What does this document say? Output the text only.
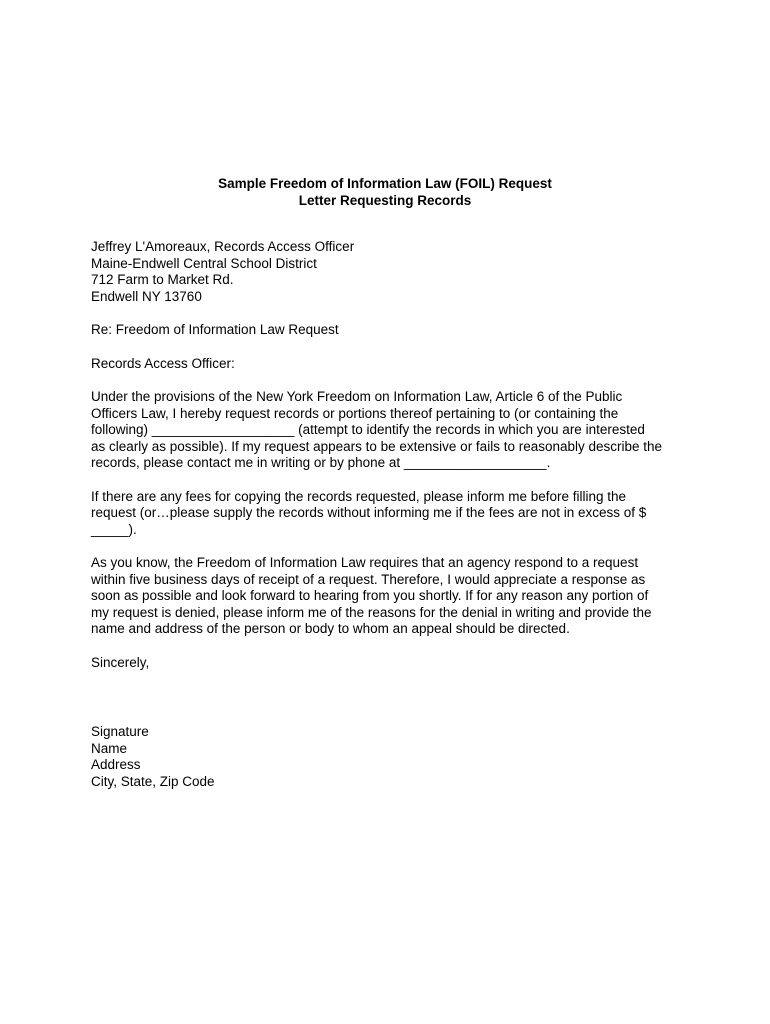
Sample Freedom of Information Law (FOIL) Request
Letter Requesting Records
Jeffrey L'Amoreaux, Records Access Officer
Maine-Endwell Central School District
712 Farm to Market Rd.
Endwell NY 13760
Re: Freedom of Information Law Request
Records Access Officer:
Under the provisions of the New York Freedom on Information Law, Article 6 of the Public
Officers Law, I hereby request records or portions thereof pertaining to (or containing the
following) ___________________ (attempt to identify the records in which you are interested
as clearly as possible). If my request appears to be extensive or fails to reasonably describe the
records, please contact me in writing or by phone at ___________________.
If there are any fees for copying the records requested, please inform me before filling the
request (or…please supply the records without informing me if the fees are not in excess of $
_____).
As you know, the Freedom of Information Law requires that an agency respond to a request
within five business days of receipt of a request. Therefore, I would appreciate a response as
soon as possible and look forward to hearing from you shortly. If for any reason any portion of
my request is denied, please inform me of the reasons for the denial in writing and provide the
name and address of the person or body to whom an appeal should be directed.
Sincerely,
Signature
Name
Address
City, State, Zip Code
